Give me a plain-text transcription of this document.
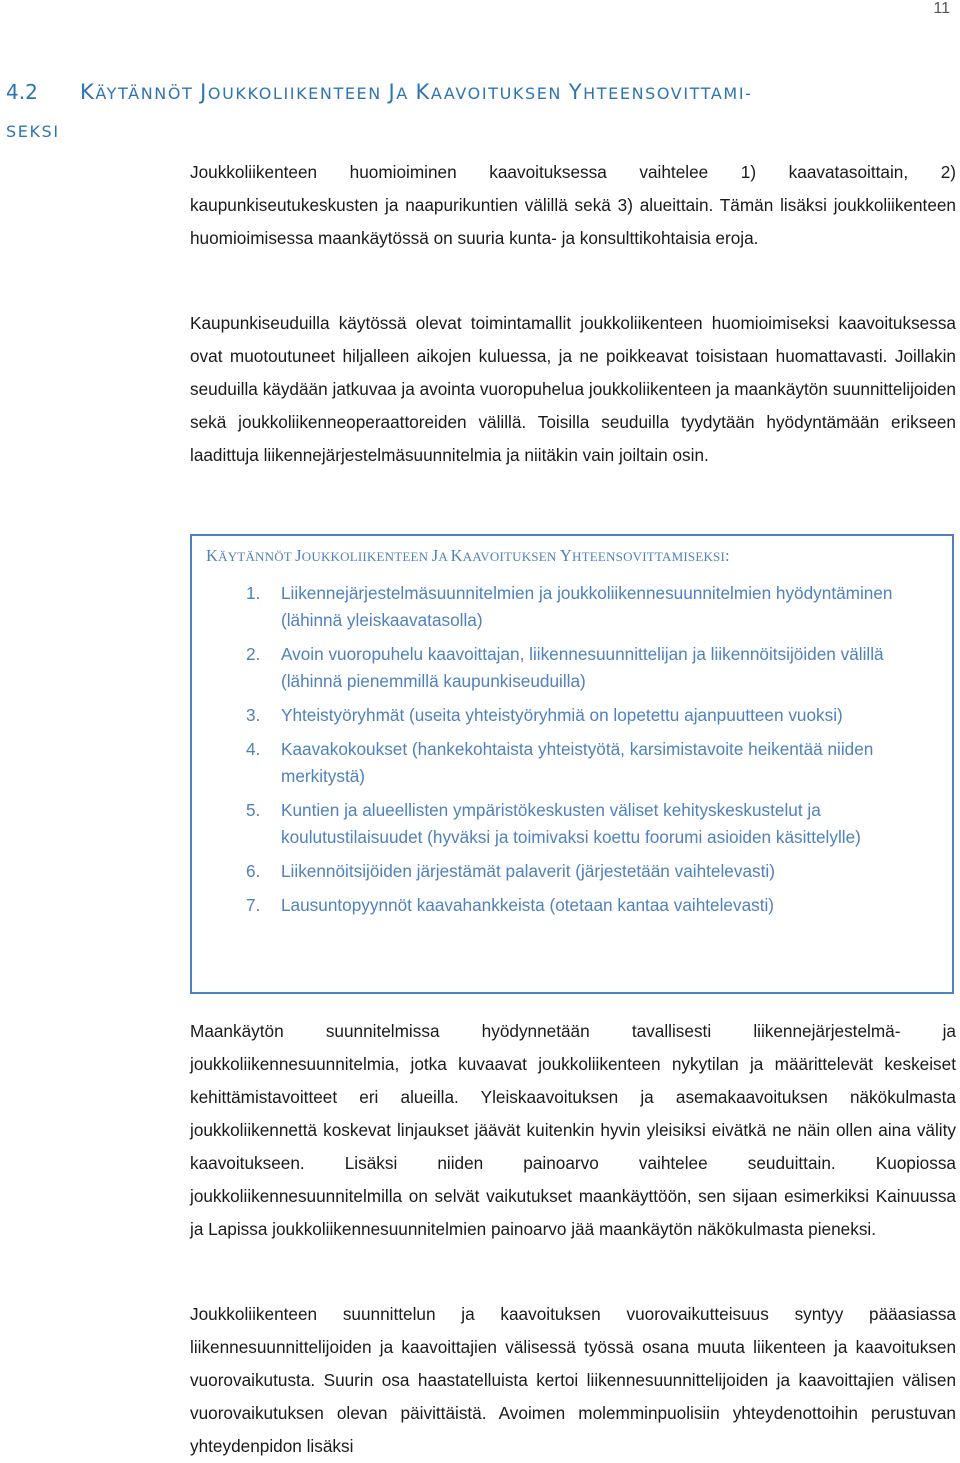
11
4.2 KÄYTÄNNÖT JOUKKOLIIKENTEEN JA KAAVOITUKSEN YHTEENSOVITTAMI-
SEKSI

Joukkoliikenteen huomioiminen kaavoituksessa vaihtelee 1) kaavatasoittain, 2) kaupunkiseutukeskusten ja naapurikuntien välillä sekä 3) alueittain. Tämän lisäksi joukkoliikenteen huomioimisessa maankäytössä on suuria kunta- ja konsulttikohtaisia eroja.

Kaupunkiseuduilla käytössä olevat toimintamallit joukkoliikenteen huomioimiseksi kaavoituksessa ovat muotoutuneet hiljalleen aikojen kuluessa, ja ne poikkeavat toisistaan huomattavasti. Joillakin seuduilla käydään jatkuvaa ja avointa vuoropuhelua joukkoliikenteen ja maankäytön suunnittelijoiden sekä joukkoliikenneoperaattoreiden välillä. Toisilla seuduilla tyydytään hyödyntämään erikseen laadittuja liikennejärjestelmäsuunnitelmia ja niitäkin vain joiltain osin.

KÄYTÄNNÖT JOUKKOLIIKENTEEN JA KAAVOITUKSEN YHTEENSOVITTAMISEKSI:

1. Liikennejärjestelmäsuunnitelmien ja joukkoliikennesuunnitelmien hyödyntäminen (lähinnä yleiskaavatasolla)
2. Avoin vuoropuhelu kaavoittajan, liikennesuunnittelijan ja liikennöitsijöiden välillä (lähinnä pienemmillä kaupunkiseuduilla)
3. Yhteistyöryhmät (useita yhteistyöryhmiä on lopetettu ajanpuutteen vuoksi)
4. Kaavakokoukset (hankekohtaista yhteistyötä, karsimistavoite heikentää niiden merkitystä)
5. Kuntien ja alueellisten ympäristökeskusten väliset kehityskeskustelut ja koulutustilaisuudet (hyväksi ja toimivaksi koettu foorumi asioiden käsittelylle)
6. Liikennöitsijöiden järjestämät palaverit (järjestetään vaihtelevasti)
7. Lausuntopyynnöt kaavahankkeista (otetaan kantaa vaihtelevasti)

Maankäytön suunnitelmissa hyödynnetään tavallisesti liikennejärjestelmä- ja joukkoliikennesuunnitelmia, jotka kuvaavat joukkoliikenteen nykytilan ja määrittelevät keskeiset kehittämistavoitteet eri alueilla. Yleiskaavoituksen ja asemakaavoituksen näkökulmasta joukkoliikennettä koskevat linjaukset jäävät kuitenkin hyvin yleisiksi eivätkä ne näin ollen aina välity kaavoitukseen. Lisäksi niiden painoarvo vaihtelee seuduittain. Kuopiossa joukkoliikennesuunnitelmilla on selvät vaikutukset maankäyttöön, sen sijaan esimerkiksi Kainuussa ja Lapissa joukkoliikennesuunnitelmien painoarvo jää maankäytön näkökulmasta pieneksi.

Joukkoliikenteen suunnittelun ja kaavoituksen vuorovaikutteisuus syntyy pääasiassa liikennesuunnittelijoiden ja kaavoittajien välisessä työssä osana muuta liikenteen ja kaavoituksen vuorovaikutusta. Suurin osa haastatelluista kertoi liikennesuunnittelijoiden ja kaavoittajien välisen vuorovaikutuksen olevan päivittäistä. Avoimen molemminpuolisiin yhteydenottoihin perustuvan yhteydenpidon lisäksi
